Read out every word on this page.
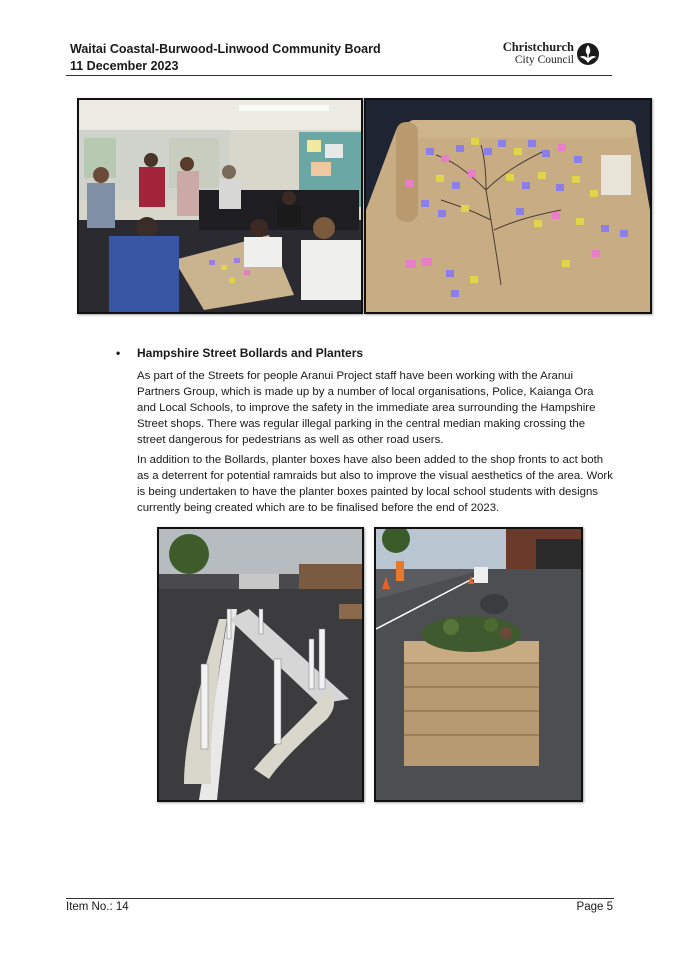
Waitai Coastal-Burwood-Linwood Community Board
11 December 2023
Christchurch
City Council
• Hampshire Street Bollards and Planters

As part of the Streets for people Aranui Project staff have been working with the Aranui Partners Group, which is made up by a number of local organisations, Police, Kaianga Ora and Local Schools, to improve the safety in the immediate area surrounding the Hampshire Street shops. There was regular illegal parking in the central median making crossing the street dangerous for pedestrians as well as other road users.

In addition to the Bollards, planter boxes have also been added to the shop fronts to act both as a deterrent for potential ramraids but also to improve the visual aesthetics of the area. Work is being undertaken to have the planter boxes painted by local school students with designs currently being created which are to be finalised before the end of 2023.

Item No.: 14	Page 5
